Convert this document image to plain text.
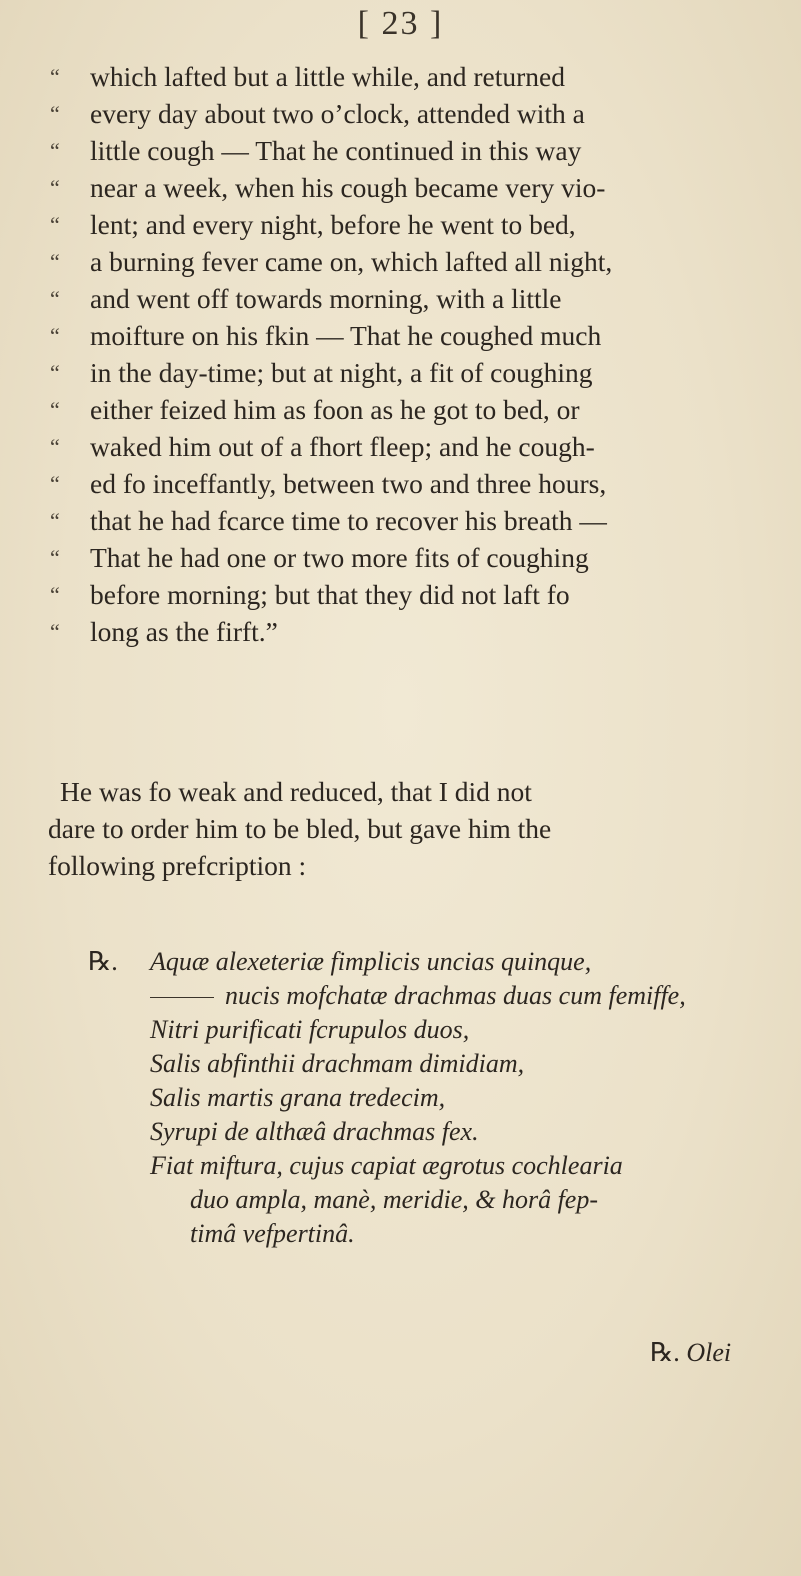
[ 23 ]
“	which lafted but a little while, and returned
“	every day about two o’clock, attended with a
“	little cough — That he continued in this way
“	near a week, when his cough became very vio-
“	lent; and every night, before he went to bed,
“	a burning fever came on, which lafted all night,
“	and went off towards morning, with a little
“	moifture on his fkin — That he coughed much
“	in the day-time; but at night, a fit of coughing
“	either feized him as foon as he got to bed, or
“	waked him out of a fhort fleep; and he cough-
“	ed fo inceffantly, between two and three hours,
“	that he had fcarce time to recover his breath —
“	That he had one or two more fits of coughing
“	before morning; but that they did not laft fo
“	long as the firft.”
He was fo weak and reduced, that I did not
dare to order him to be bled, but gave him the
following prefcription :
℞. Aquæ alexeteriæ fimplicis uncias quinque,
nucis mofchatæ drachmas duas cum femiffe,
Nitri purificati fcrupulos duos,
Salis abfinthii drachmam dimidiam,
Salis martis grana tredecim,
Syrupi de althæâ drachmas fex.
Fiat miftura, cujus capiat ægrotus cochlearia
duo ampla, manè, meridie, & horâ fep-
timâ vefpertinâ.
℞. Olei
